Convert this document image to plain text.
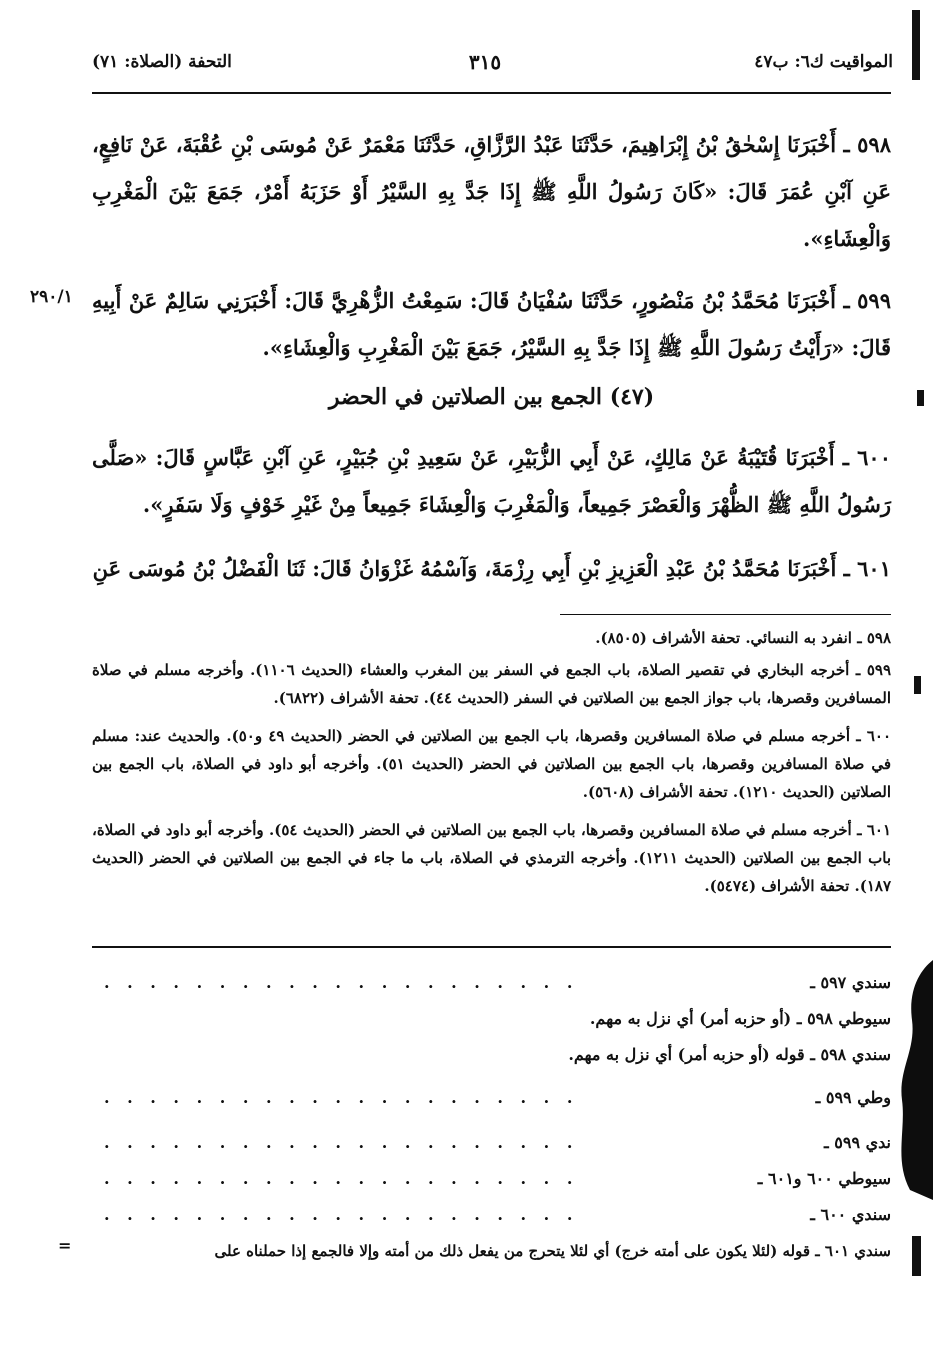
المواقيت ك٦: ب٤٧
٣١٥
التحفة (الصلاة: ٧١)
٥٩٨ ـ أَخْبَرَنَا إِسْحٰقُ بْنُ إِبْرَاهِيمَ، حَدَّثَنَا عَبْدُ الرَّزَّاقِ، حَدَّثَنَا مَعْمَرٌ عَنْ مُوسَى بْنِ عُقْبَةَ، عَنْ نَافِعٍ، عَنِ آبْنِ عُمَرَ قَالَ: «كَانَ رَسُولُ اللَّهِ ﷺ إِذَا جَدَّ بِهِ السَّيْرُ أَوْ حَزَبَهُ أَمْرٌ، جَمَعَ بَيْنَ الْمَغْرِبِ وَالْعِشَاءِ».
٥٩٩ ـ أَخْبَرَنَا مُحَمَّدُ بْنُ مَنْصُورٍ، حَدَّثَنَا سُفْيَانُ قَالَ: سَمِعْتُ الزُّهْرِيَّ قَالَ: أَخْبَرَنِي سَالِمٌ عَنْ أَبِيهِ قَالَ: «رَأَيْتُ رَسُولَ اللَّهِ ﷺ إِذَا جَدَّ بِهِ السَّيْرُ، جَمَعَ بَيْنَ الْمَغْرِبِ وَالْعِشَاءِ».
٢٩٠/١
(٤٧) الجمع بين الصلاتين في الحضر
٦٠٠ ـ أَخْبَرَنَا قُتَيْبَةُ عَنْ مَالِكٍ، عَنْ أَبِي الزُّبَيْرِ، عَنْ سَعِيدِ بْنِ جُبَيْرٍ، عَنِ آبْنِ عَبَّاسٍ قَالَ: «صَلَّى رَسُولُ اللَّهِ ﷺ الظُّهْرَ وَالْعَصْرَ جَمِيعاً، وَالْمَغْرِبَ وَالْعِشَاءَ جَمِيعاً مِنْ غَيْرِ خَوْفٍ وَلَا سَفَرٍ».
٦٠١ ـ أَخْبَرَنَا مُحَمَّدُ بْنُ عَبْدِ الْعَزِيزِ بْنِ أَبِي رِزْمَةَ، وَآسْمُهُ غَزْوَانُ قَالَ: ثَنَا الْفَضْلُ بْنُ مُوسَى عَنِ

٥٩٨ ـ انفرد به النسائي. تحفة الأشراف (٨٥٠٥).

٥٩٩ ـ أخرجه البخاري في تقصير الصلاة، باب الجمع في السفر بين المغرب والعشاء (الحديث ١١٠٦). وأخرجه مسلم في صلاة المسافرين وقصرها، باب جواز الجمع بين الصلاتين في السفر (الحديث ٤٤). تحفة الأشراف (٦٨٢٢).

٦٠٠ ـ أخرجه مسلم في صلاة المسافرين وقصرها، باب الجمع بين الصلاتين في الحضر (الحديث ٤٩ و٥٠). والحديث عند: مسلم في صلاة المسافرين وقصرها، باب الجمع بين الصلاتين في الحضر (الحديث ٥١). وأخرجه أبو داود في الصلاة، باب الجمع بين الصلاتين (الحديث ١٢١٠). تحفة الأشراف (٥٦٠٨).

٦٠١ ـ أخرجه مسلم في صلاة المسافرين وقصرها، باب الجمع بين الصلاتين في الحضر (الحديث ٥٤). وأخرجه أبو داود في الصلاة، باب الجمع بين الصلاتين (الحديث ١٢١١). وأخرجه الترمذي في الصلاة، باب ما جاء في الجمع بين الصلاتين في الحضر (الحديث ١٨٧). تحفة الأشراف (٥٤٧٤).

سندي ٥٩٧ ـ
. . . . . . . . . . . . . . . . . . . . .
سيوطي ٥٩٨ ـ (أو حزبه أمر) أي نزل به مهم.
سندي ٥٩٨ ـ قوله (أو حزبه أمر) أي نزل به مهم.
وطي ٥٩٩ ـ
. . . . . . . . . . . . . . . . . . . . .
ندي ٥٩٩ ـ
. . . . . . . . . . . . . . . . . . . . .
سيوطي ٦٠٠ و٦٠١ ـ
. . . . . . . . . . . . . . . . . . . . .
سندي ٦٠٠ ـ
. . . . . . . . . . . . . . . . . . . . .
سندي ٦٠١ ـ قوله (لئلا يكون على أمته خرج) أي لئلا يتحرج من يفعل ذلك من أمته وإلا فالجمع إذا حملناه على
=
